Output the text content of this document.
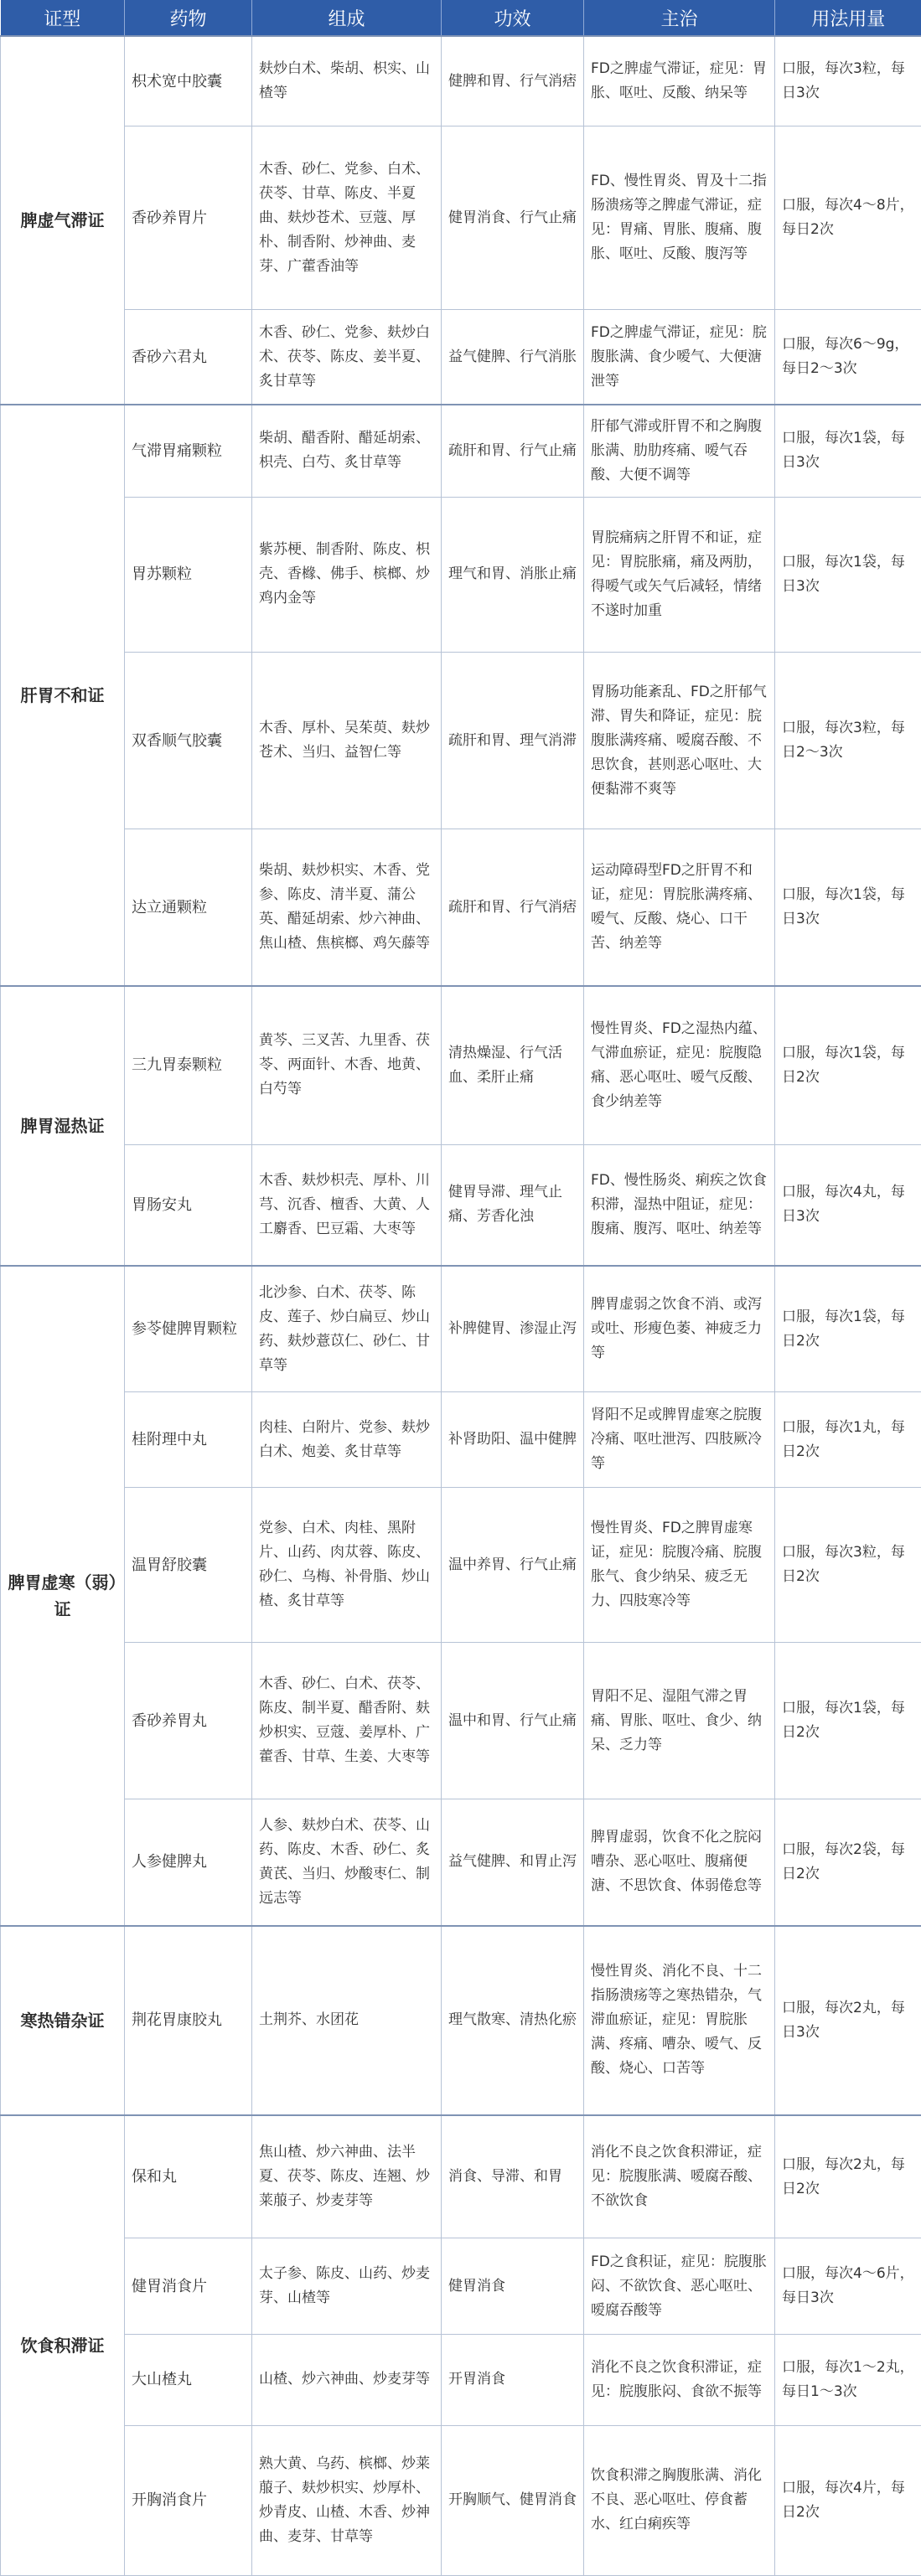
证型	药物	组成	功效	主治	用法用量
脾虚气滞证	枳术宽中胶囊	麸炒白术、柴胡、枳实、山楂等	健脾和胃、行气消痞	FD之脾虚气滞证，症见：胃胀、呕吐、反酸、纳呆等	口服，每次3粒，每日3次
	香砂养胃片	木香、砂仁、党参、白术、茯苓、甘草、陈皮、半夏曲、麸炒苍术、豆蔻、厚朴、制香附、炒神曲、麦芽、广藿香油等	健胃消食、行气止痛	FD、慢性胃炎、胃及十二指肠溃疡等之脾虚气滞证，症见：胃痛、胃胀、腹痛、腹胀、呕吐、反酸、腹泻等	口服，每次4～8片，每日2次
	香砂六君丸	木香、砂仁、党参、麸炒白术、茯苓、陈皮、姜半夏、炙甘草等	益气健脾、行气消胀	FD之脾虚气滞证，症见：脘腹胀满、食少嗳气、大便溏泄等	口服，每次6～9g，每日2～3次
肝胃不和证	气滞胃痛颗粒	柴胡、醋香附、醋延胡索、枳壳、白芍、炙甘草等	疏肝和胃、行气止痛	肝郁气滞或肝胃不和之胸腹胀满、肋肋疼痛、嗳气吞酸、大便不调等	口服，每次1袋，每日3次
	胃苏颗粒	紫苏梗、制香附、陈皮、枳壳、香橼、佛手、槟榔、炒鸡内金等	理气和胃、消胀止痛	胃脘痛病之肝胃不和证，症见：胃脘胀痛，痛及两肋，得嗳气或矢气后减轻，情绪不遂时加重	口服，每次1袋，每日3次
	双香顺气胶囊	木香、厚朴、吴茱萸、麸炒苍术、当归、益智仁等	疏肝和胃、理气消滞	胃肠功能紊乱、FD之肝郁气滞、胃失和降证，症见：脘腹胀满疼痛、嗳腐吞酸、不思饮食，甚则恶心呕吐、大便黏滞不爽等	口服，每次3粒，每日2～3次
	达立通颗粒	柴胡、麸炒枳实、木香、党参、陈皮、清半夏、蒲公英、醋延胡索、炒六神曲、焦山楂、焦槟榔、鸡矢藤等	疏肝和胃、行气消痞	运动障碍型FD之肝胃不和证，症见：胃脘胀满疼痛、嗳气、反酸、烧心、口干苦、纳差等	口服，每次1袋，每日3次
脾胃湿热证	三九胃泰颗粒	黄芩、三叉苦、九里香、茯苓、两面针、木香、地黄、白芍等	清热燥湿、行气活血、柔肝止痛	慢性胃炎、FD之湿热内蕴、气滞血瘀证，症见：脘腹隐痛、恶心呕吐、嗳气反酸、食少纳差等	口服，每次1袋，每日2次
	胃肠安丸	木香、麸炒枳壳、厚朴、川芎、沉香、檀香、大黄、人工麝香、巴豆霜、大枣等	健胃导滞、理气止痛、芳香化浊	FD、慢性肠炎、痢疾之饮食积滞，湿热中阻证，症见：腹痛、腹泻、呕吐、纳差等	口服，每次4丸，每日3次
脾胃虚寒（弱）证	参苓健脾胃颗粒	北沙参、白术、茯苓、陈皮、莲子、炒白扁豆、炒山药、麸炒薏苡仁、砂仁、甘草等	补脾健胃、渗湿止泻	脾胃虚弱之饮食不消、或泻或吐、形瘦色萎、神疲乏力等	口服，每次1袋，每日2次
	桂附理中丸	肉桂、白附片、党参、麸炒白术、炮姜、炙甘草等	补肾助阳、温中健脾	肾阳不足或脾胃虚寒之脘腹冷痛、呕吐泄泻、四肢厥冷等	口服，每次1丸，每日2次
	温胃舒胶囊	党参、白术、肉桂、黑附片、山药、肉苁蓉、陈皮、砂仁、乌梅、补骨脂、炒山楂、炙甘草等	温中养胃、行气止痛	慢性胃炎、FD之脾胃虚寒证，症见：脘腹冷痛、脘腹胀气、食少纳呆、疲乏无力、四肢寒冷等	口服，每次3粒，每日2次
	香砂养胃丸	木香、砂仁、白术、茯苓、陈皮、制半夏、醋香附、麸炒枳实、豆蔻、姜厚朴、广藿香、甘草、生姜、大枣等	温中和胃、行气止痛	胃阳不足、湿阻气滞之胃痛、胃胀、呕吐、食少、纳呆、乏力等	口服，每次1袋，每日2次
	人参健脾丸	人参、麸炒白术、茯苓、山药、陈皮、木香、砂仁、炙黄芪、当归、炒酸枣仁、制远志等	益气健脾、和胃止泻	脾胃虚弱，饮食不化之脘闷嘈杂、恶心呕吐、腹痛便溏、不思饮食、体弱倦怠等	口服，每次2袋，每日2次
寒热错杂证	荆花胃康胶丸	土荆芥、水团花	理气散寒、清热化瘀	慢性胃炎、消化不良、十二指肠溃疡等之寒热错杂，气滞血瘀证，症见：胃脘胀满、疼痛、嘈杂、嗳气、反酸、烧心、口苦等	口服，每次2丸，每日3次
饮食积滞证	保和丸	焦山楂、炒六神曲、法半夏、茯苓、陈皮、连翘、炒莱菔子、炒麦芽等	消食、导滞、和胃	消化不良之饮食积滞证，症见：脘腹胀满、嗳腐吞酸、不欲饮食	口服，每次2丸，每日2次
	健胃消食片	太子参、陈皮、山药、炒麦芽、山楂等	健胃消食	FD之食积证，症见：脘腹胀闷、不欲饮食、恶心呕吐、嗳腐吞酸等	口服，每次4～6片，每日3次
	大山楂丸	山楂、炒六神曲、炒麦芽等	开胃消食	消化不良之饮食积滞证，症见：脘腹胀闷、食欲不振等	口服，每次1～2丸，每日1～3次
	开胸消食片	熟大黄、乌药、槟榔、炒莱菔子、麸炒枳实、炒厚朴、炒青皮、山楂、木香、炒神曲、麦芽、甘草等	开胸顺气、健胃消食	饮食积滞之胸腹胀满、消化不良、恶心呕吐、停食蓄水、红白痢疾等	口服，每次4片，每日2次
